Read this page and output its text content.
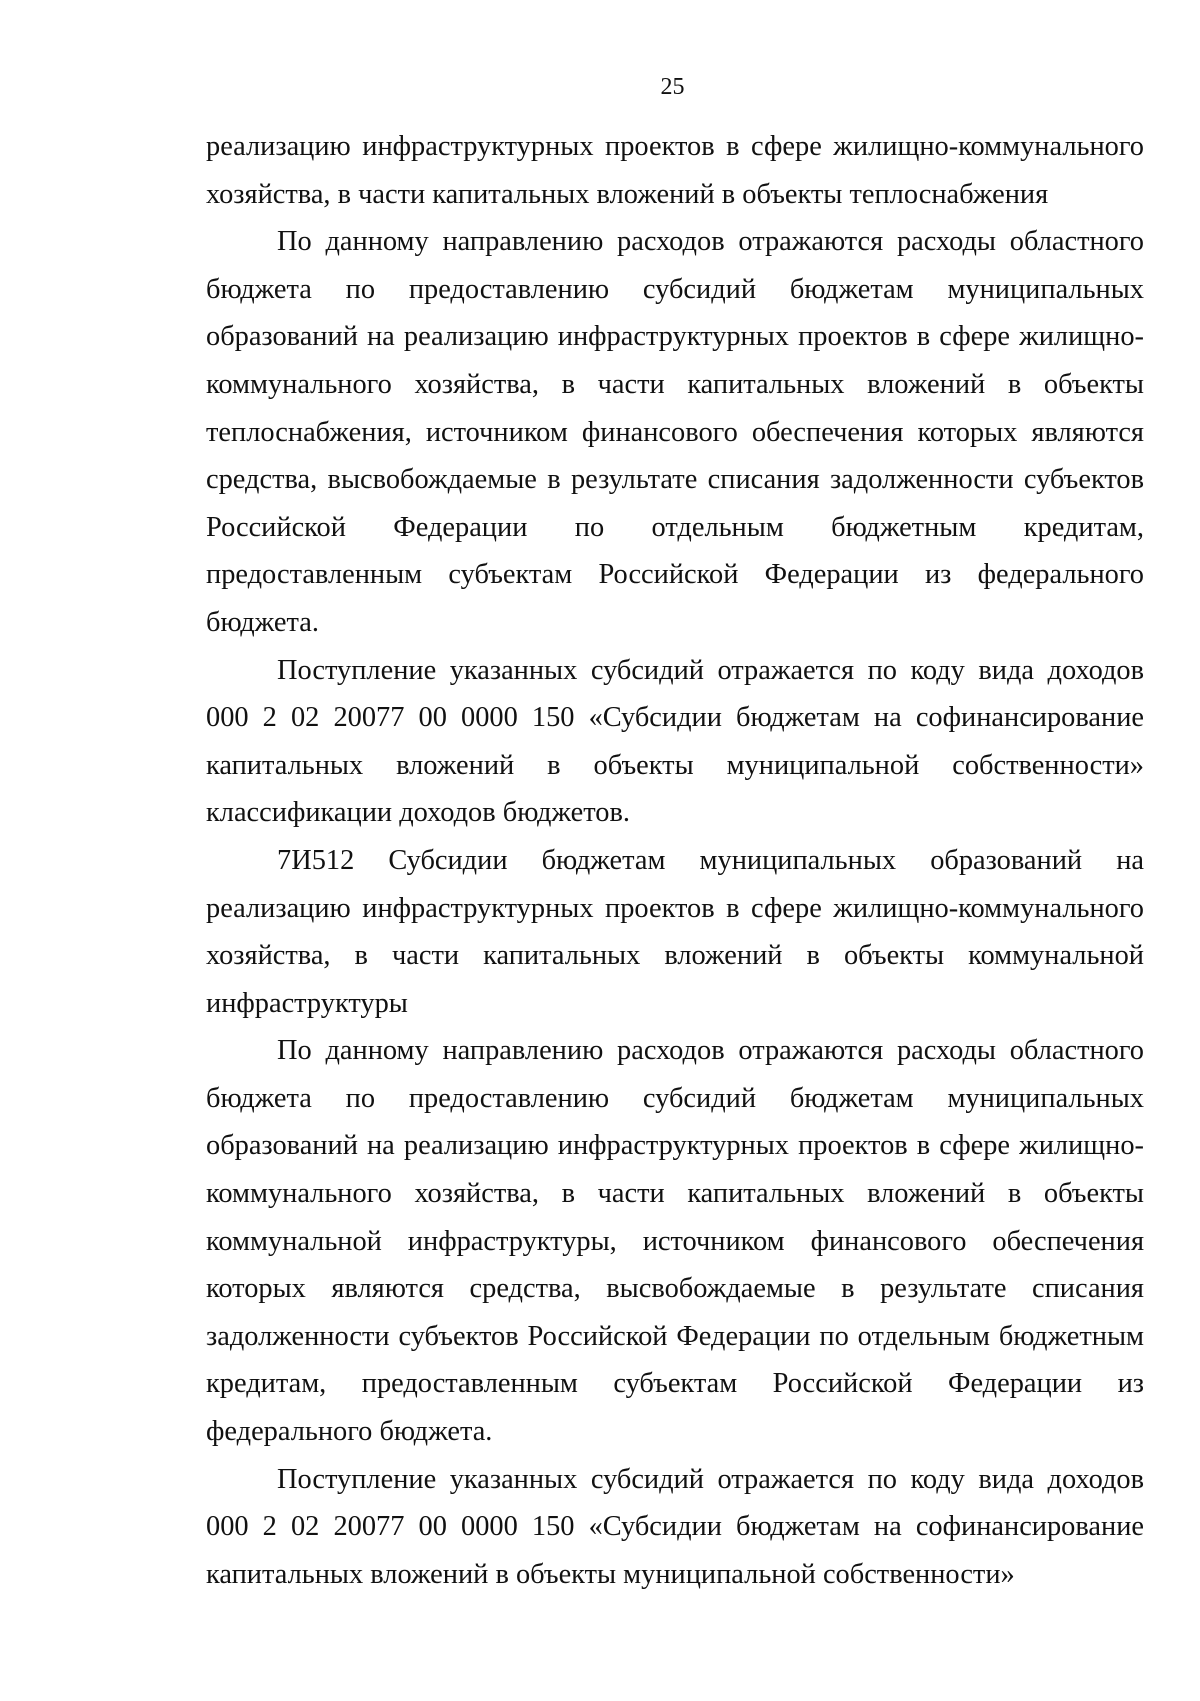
25

реализацию инфраструктурных проектов в сфере жилищно-коммунального хозяйства, в части капитальных вложений в объекты теплоснабжения

По данному направлению расходов отражаются расходы областного бюджета по предоставлению субсидий бюджетам муниципальных образований на реализацию инфраструктурных проектов в сфере жилищно-коммунального хозяйства, в части капитальных вложений в объекты теплоснабжения, источником финансового обеспечения которых являются средства, высвобождаемые в результате списания задолженности субъектов Российской Федерации по отдельным бюджетным кредитам, предоставленным субъектам Российской Федерации из федерального бюджета.

Поступление указанных субсидий отражается по коду вида доходов 000 2 02 20077 00 0000 150 «Субсидии бюджетам на софинансирование капитальных вложений в объекты муниципальной собственности» классификации доходов бюджетов.

7И512 Субсидии бюджетам муниципальных образований на реализацию инфраструктурных проектов в сфере жилищно-коммунального хозяйства, в части капитальных вложений в объекты коммунальной инфраструктуры

По данному направлению расходов отражаются расходы областного бюджета по предоставлению субсидий бюджетам муниципальных образований на реализацию инфраструктурных проектов в сфере жилищно-коммунального хозяйства, в части капитальных вложений в объекты коммунальной инфраструктуры, источником финансового обеспечения которых являются средства, высвобождаемые в результате списания задолженности субъектов Российской Федерации по отдельным бюджетным кредитам, предоставленным субъектам Российской Федерации из федерального бюджета.

Поступление указанных субсидий отражается по коду вида доходов 000 2 02 20077 00 0000 150 «Субсидии бюджетам на софинансирование капитальных вложений в объекты муниципальной собственности»
